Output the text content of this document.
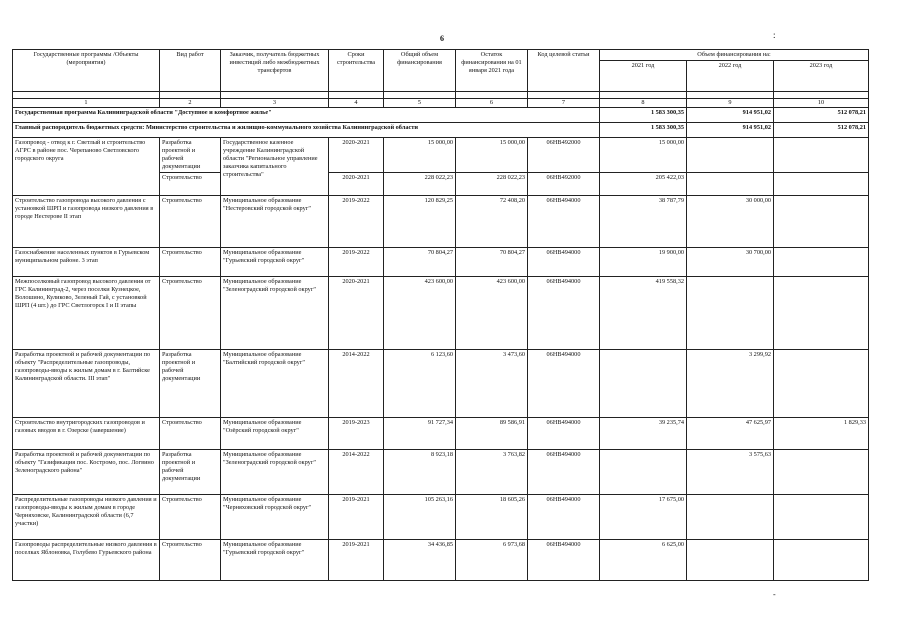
6	:
-
Государственные программы /Объекты (мероприятия)	Вид работ	Заказчик, получатель бюджетных инвестиций либо межбюджетных трансфертов	Сроки строительства	Общий объем финансирования	Остаток финансирования на 01 января 2021 года	Код целевой статьи	Объем финансирования на:		
							2021 год	2022 год	2023 год

1	2	3	4	5	6	7	8	9	10
Государственная программа Калининградской области "Доступное и комфортное жилье"							1 583 300,35	914 951,02	512 078,21
Главный распорядитель бюджетных средств: Министерство строительства и жилищно-коммунального хозяйства Калининградской области							1 583 300,35	914 951,02	512 078,21
Газопровод - отвод к г. Светлый и строительство АГРС в районе пос. Черепаново Светловского городского округа	Разработка проектной и рабочей документации	Государственное казенное учреждение Калининградской области "Региональное управление заказчика капитального строительства"	2020-2021	15 000,00	15 000,00	06НВ492000	15 000,00		
	Строительство		2020-2021	228 022,23	228 022,23	06НВ492000	205 422,03		
Строительство газопровода высокого давления с установкой ШРП и газопровода низкого давления в городе Нестерове II этап	Строительство	Муниципальное образование "Нестеровский городской округ"	2019-2022	120 829,25	72 408,20	06НВ494000	38 787,79	30 000,00	
Газоснабжение населенных пунктов в Гурьевском муниципальном районе. 3 этап	Строительство	Муниципальное образование "Гурьевский городской округ"	2019-2022	70 804,27	70 804,27	06НВ494000	19 900,00	30 700,00	
Межпоселковый газопровод высокого давления от ГРС Калининград-2, через поселки Кузнецкое, Волошино, Куликово, Зеленый Гай, с установкой ШРП (4 шт.) до ГРС Светлогорск I и II этапы	Строительство	Муниципальное образование "Зеленоградский городской округ"	2020-2021	423 600,00	423 600,00	06НВ494000	419 558,32		
Разработка проектной и рабочей документации по объекту "Распределительные газопроводы, газопроводы-вводы к жилым домам в г. Балтийске Калининградской области. III этап"	Разработка проектной и рабочей документации	Муниципальное образование "Балтийский городской округ"	2014-2022	6 123,60	3 473,60	06НВ494000		3 299,92	
Строительство внутригородских газопроводов и газовых вводов в г. Озерске (завершение)	Строительство	Муниципальное образование "Озёрский городской округ"	2019-2023	91 727,34	89 586,91	06НВ494000	39 235,74	47 625,97	1 829,33
Разработка проектной и рабочей документации по объекту "Газификация пос. Костромо, пос. Логвино Зеленоградского района"	Разработка проектной и рабочей документации	Муниципальное образование "Зеленоградский городской округ"	2014-2022	8 923,18	3 763,82	06НВ494000		3 575,63	
Распределительные газопроводы низкого давления и газопроводы-вводы к жилым домам в городе Черняховске, Калининградской области (6,7 участки)	Строительство	Муниципальное образование "Черняховский городской округ"	2019-2021	105 263,16	18 605,26	06НВ494000	17 675,00		
Газопроводы распределительные низкого давления в поселках Яблоновка, Голубево Гурьевского района	Строительство	Муниципальное образование "Гурьевский городской округ"	2019-2021	34 436,85	6 973,68	06НВ494000	6 625,00		
